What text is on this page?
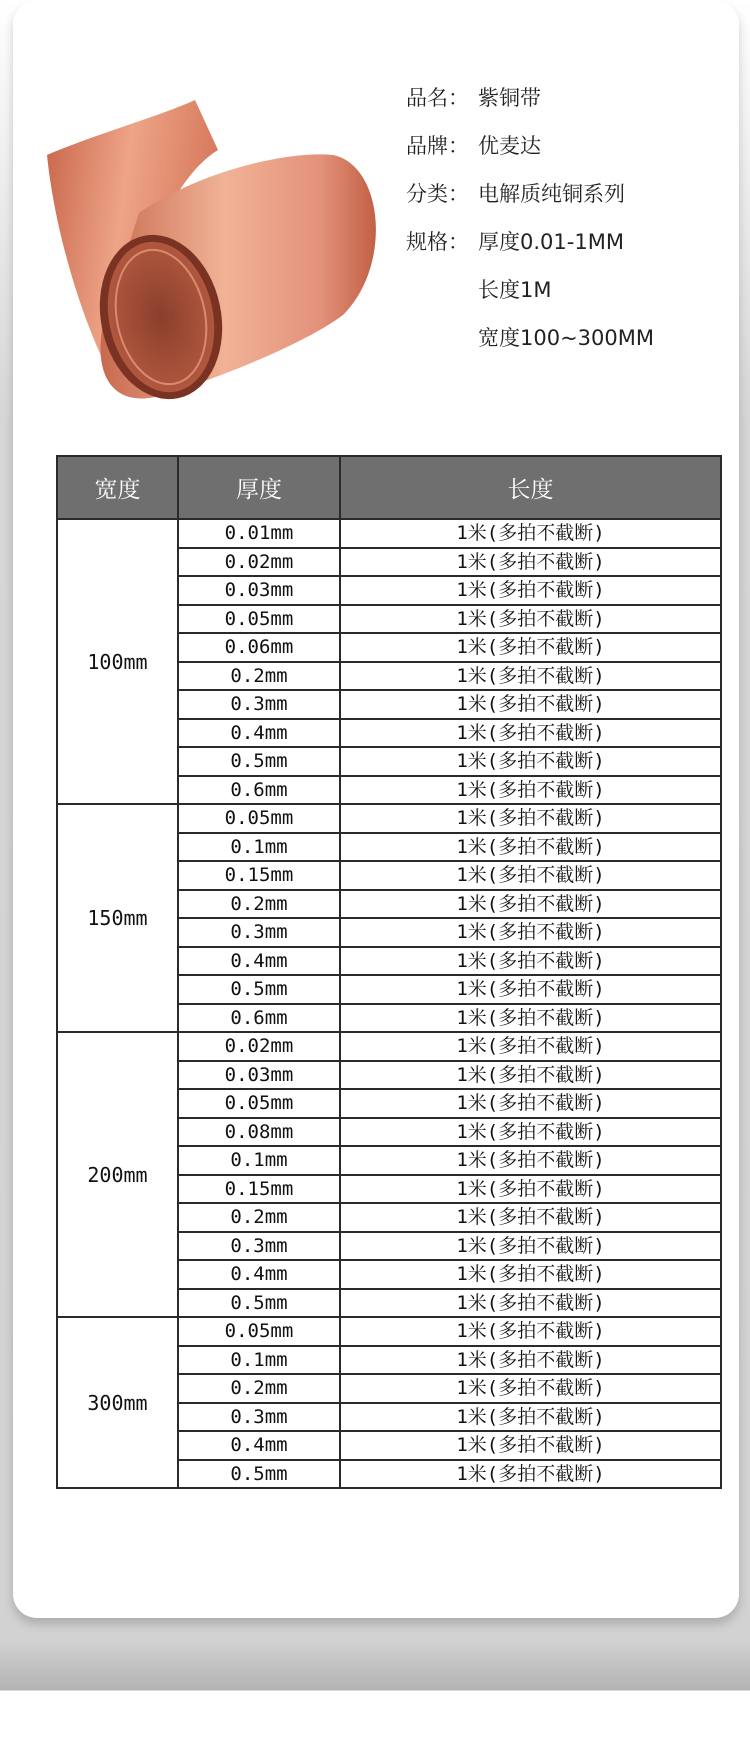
品名： 紫铜带
品牌： 优麦达
分类： 电解质纯铜系列
规格： 厚度0.01-1MM
长度1M
宽度100~300MM
宽度	厚度	长度
100mm	0.01mm	1米(多拍不截断)
	0.02mm	1米(多拍不截断)
	0.03mm	1米(多拍不截断)
	0.05mm	1米(多拍不截断)
	0.06mm	1米(多拍不截断)
	0.2mm	1米(多拍不截断)
	0.3mm	1米(多拍不截断)
	0.4mm	1米(多拍不截断)
	0.5mm	1米(多拍不截断)
	0.6mm	1米(多拍不截断)
150mm	0.05mm	1米(多拍不截断)
	0.1mm	1米(多拍不截断)
	0.15mm	1米(多拍不截断)
	0.2mm	1米(多拍不截断)
	0.3mm	1米(多拍不截断)
	0.4mm	1米(多拍不截断)
	0.5mm	1米(多拍不截断)
	0.6mm	1米(多拍不截断)
200mm	0.02mm	1米(多拍不截断)
	0.03mm	1米(多拍不截断)
	0.05mm	1米(多拍不截断)
	0.08mm	1米(多拍不截断)
	0.1mm	1米(多拍不截断)
	0.15mm	1米(多拍不截断)
	0.2mm	1米(多拍不截断)
	0.3mm	1米(多拍不截断)
	0.4mm	1米(多拍不截断)
	0.5mm	1米(多拍不截断)
300mm	0.05mm	1米(多拍不截断)
	0.1mm	1米(多拍不截断)
	0.2mm	1米(多拍不截断)
	0.3mm	1米(多拍不截断)
	0.4mm	1米(多拍不截断)
	0.5mm	1米(多拍不截断)
